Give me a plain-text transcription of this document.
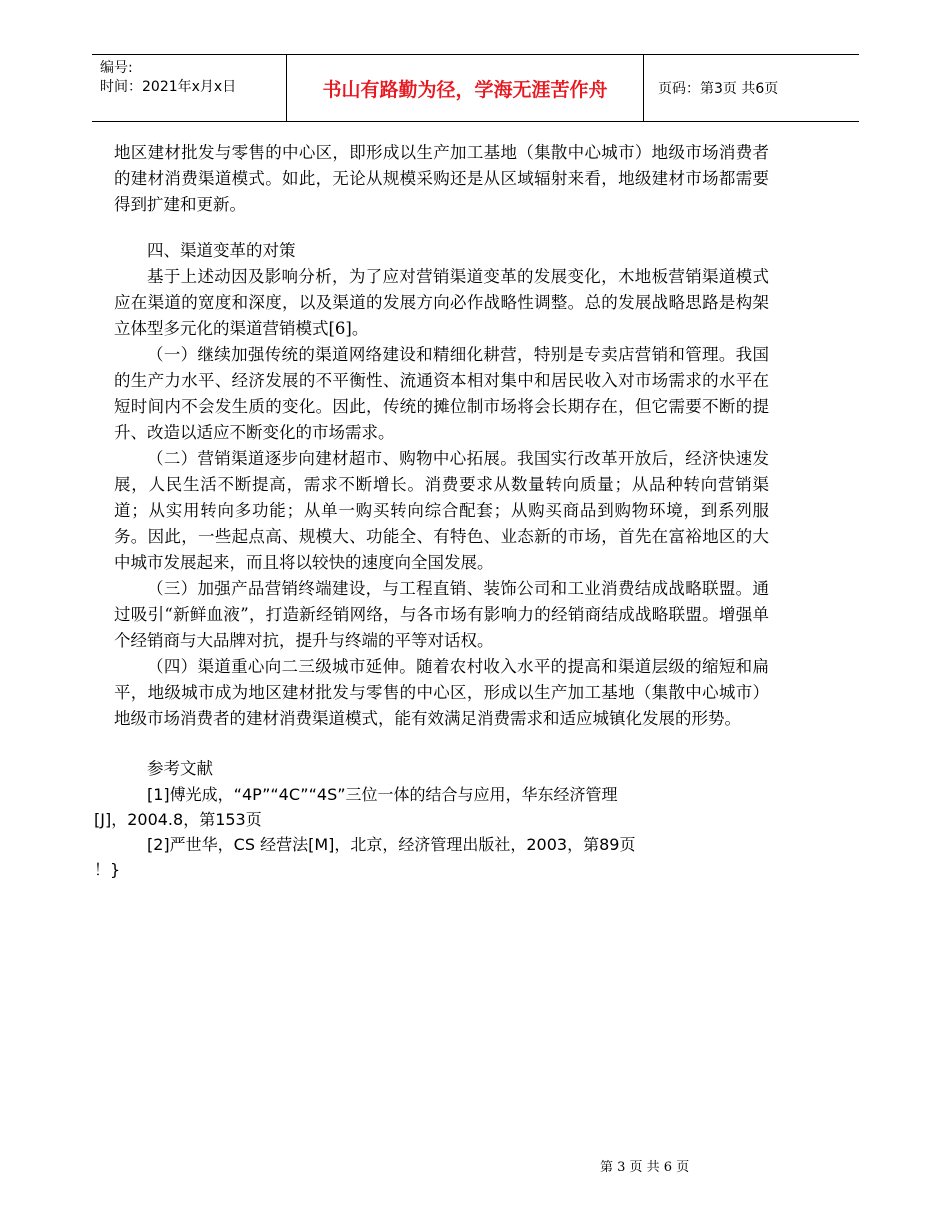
编号:
时间：2021年x月x日	书山有路勤为径，学海无涯苦作舟	页码：第3页 共6页

地区建材批发与零售的中心区，即形成以生产加工基地（集散中心城市）地级市场消费者的建材消费渠道模式。如此，无论从规模采购还是从区域辐射来看，地级建材市场都需要得到扩建和更新。

四、渠道变革的对策

基于上述动因及影响分析，为了应对营销渠道变革的发展变化，木地板营销渠道模式应在渠道的宽度和深度，以及渠道的发展方向必作战略性调整。总的发展战略思路是构架立体型多元化的渠道营销模式[6]。

（一）继续加强传统的渠道网络建设和精细化耕营，特别是专卖店营销和管理。我国的生产力水平、经济发展的不平衡性、流通资本相对集中和居民收入对市场需求的水平在短时间内不会发生质的变化。因此，传统的摊位制市场将会长期存在，但它需要不断的提升、改造以适应不断变化的市场需求。

（二）营销渠道逐步向建材超市、购物中心拓展。我国实行改革开放后，经济快速发展，人民生活不断提高，需求不断增长。消费要求从数量转向质量；从品种转向营销渠道；从实用转向多功能；从单一购买转向综合配套；从购买商品到购物环境，到系列服务。因此，一些起点高、规模大、功能全、有特色、业态新的市场，首先在富裕地区的大中城市发展起来，而且将以较快的速度向全国发展。

（三）加强产品营销终端建设，与工程直销、装饰公司和工业消费结成战略联盟。通过吸引“新鲜血液”，打造新经销网络，与各市场有影响力的经销商结成战略联盟。增强单个经销商与大品牌对抗，提升与终端的平等对话权。

（四）渠道重心向二三级城市延伸。随着农村收入水平的提高和渠道层级的缩短和扁平，地级城市成为地区建材批发与零售的中心区，形成以生产加工基地（集散中心城市）地级市场消费者的建材消费渠道模式，能有效满足消费需求和适应城镇化发展的形势。

参考文献

[1]傅光成，“4P”“4C”“4S”三位一体的结合与应用，华东经济管理

[J]，2004.8，第153页

[2]严世华，CS 经营法[M]，北京，经济管理出版社，2003，第89页

！}

第 3 页 共 6 页
